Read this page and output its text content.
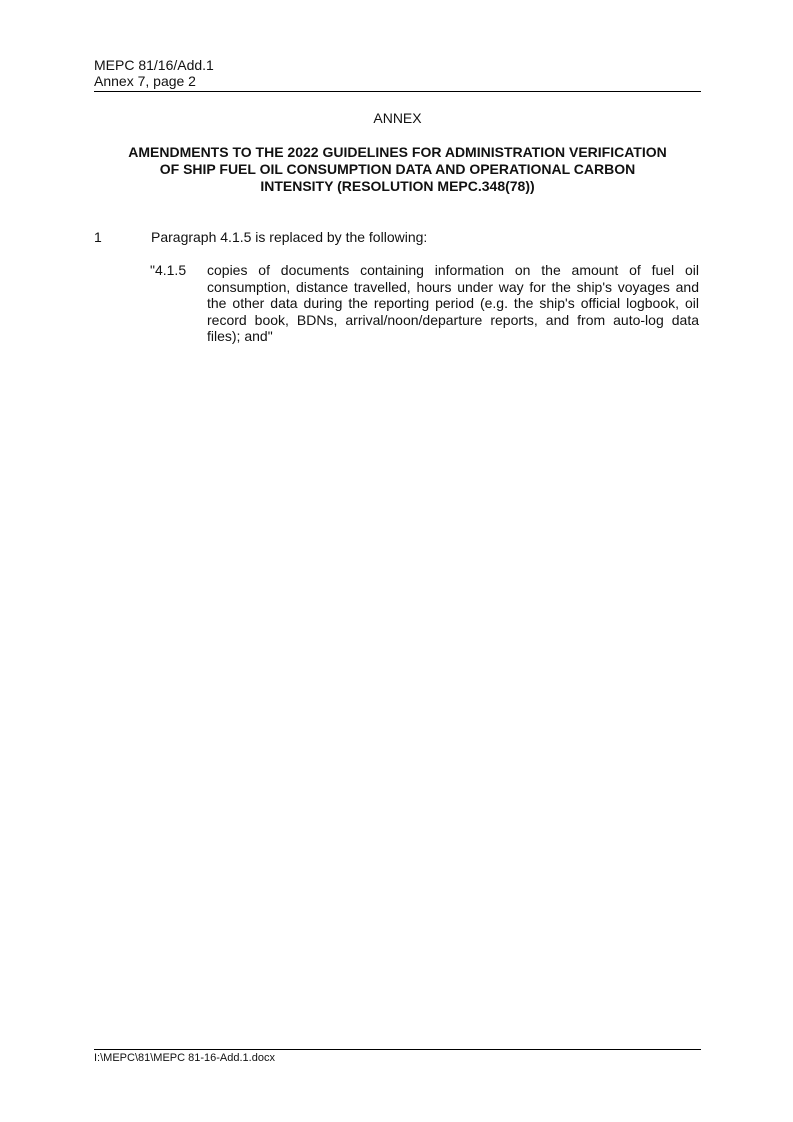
MEPC 81/16/Add.1
Annex 7, page 2
ANNEX
AMENDMENTS TO THE 2022 GUIDELINES FOR ADMINISTRATION VERIFICATION
OF SHIP FUEL OIL CONSUMPTION DATA AND OPERATIONAL CARBON
INTENSITY (RESOLUTION MEPC.348(78))
1	Paragraph 4.1.5 is replaced by the following:
"4.1.5 copies of documents containing information on the amount of fuel oil consumption, distance travelled, hours under way for the ship's voyages and the other data during the reporting period (e.g. the ship's official logbook, oil record book, BDNs, arrival/noon/departure reports, and from auto-log data files); and"
I:\MEPC\81\MEPC 81-16-Add.1.docx
